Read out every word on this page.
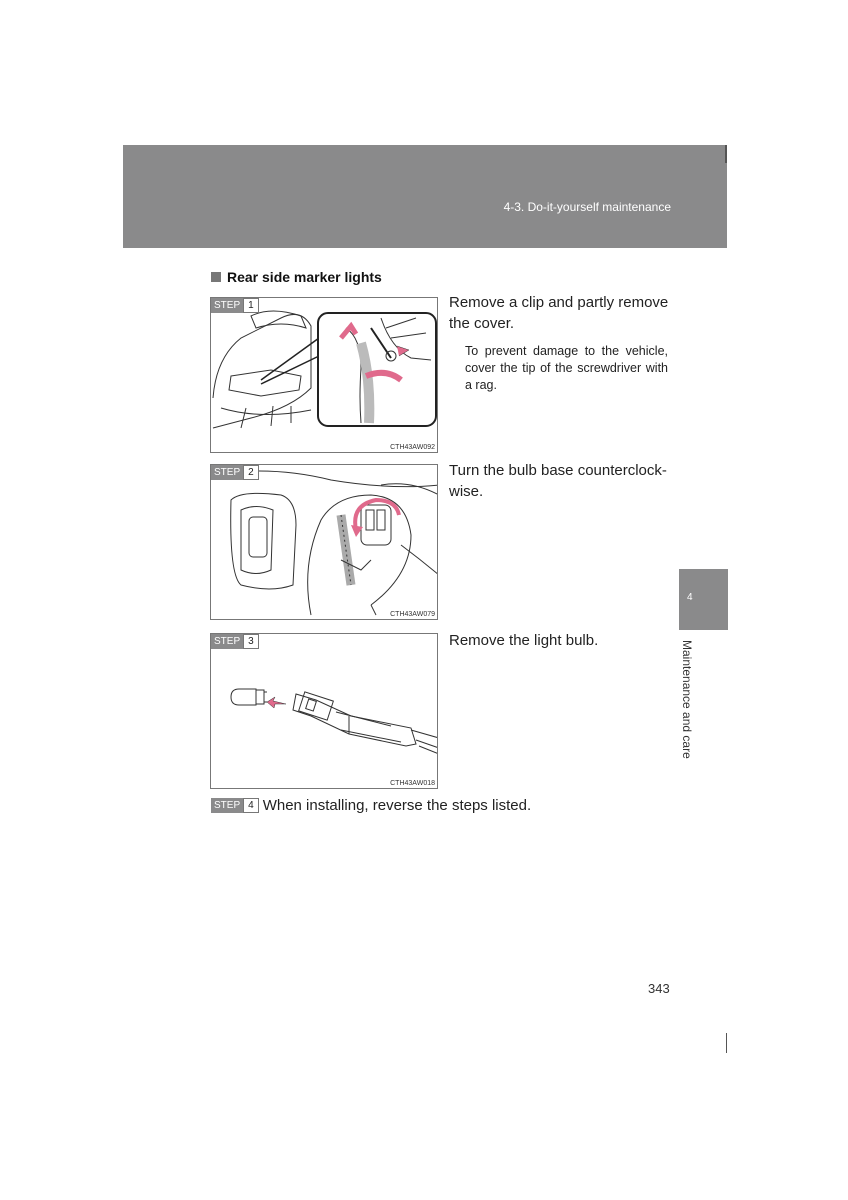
4-3. Do-it-yourself maintenance
4
Maintenance and care
Rear side marker lights
STEP 1
CTH43AW092
STEP 2
CTH43AW079
STEP 3
CTH43AW018
Remove a clip and partly remove the cover.
To prevent damage to the vehicle, cover the tip of the screwdriver with a rag.
Turn the bulb base counterclock-wise.
Remove the light bulb.
STEP 4 When installing, reverse the steps listed.
343
